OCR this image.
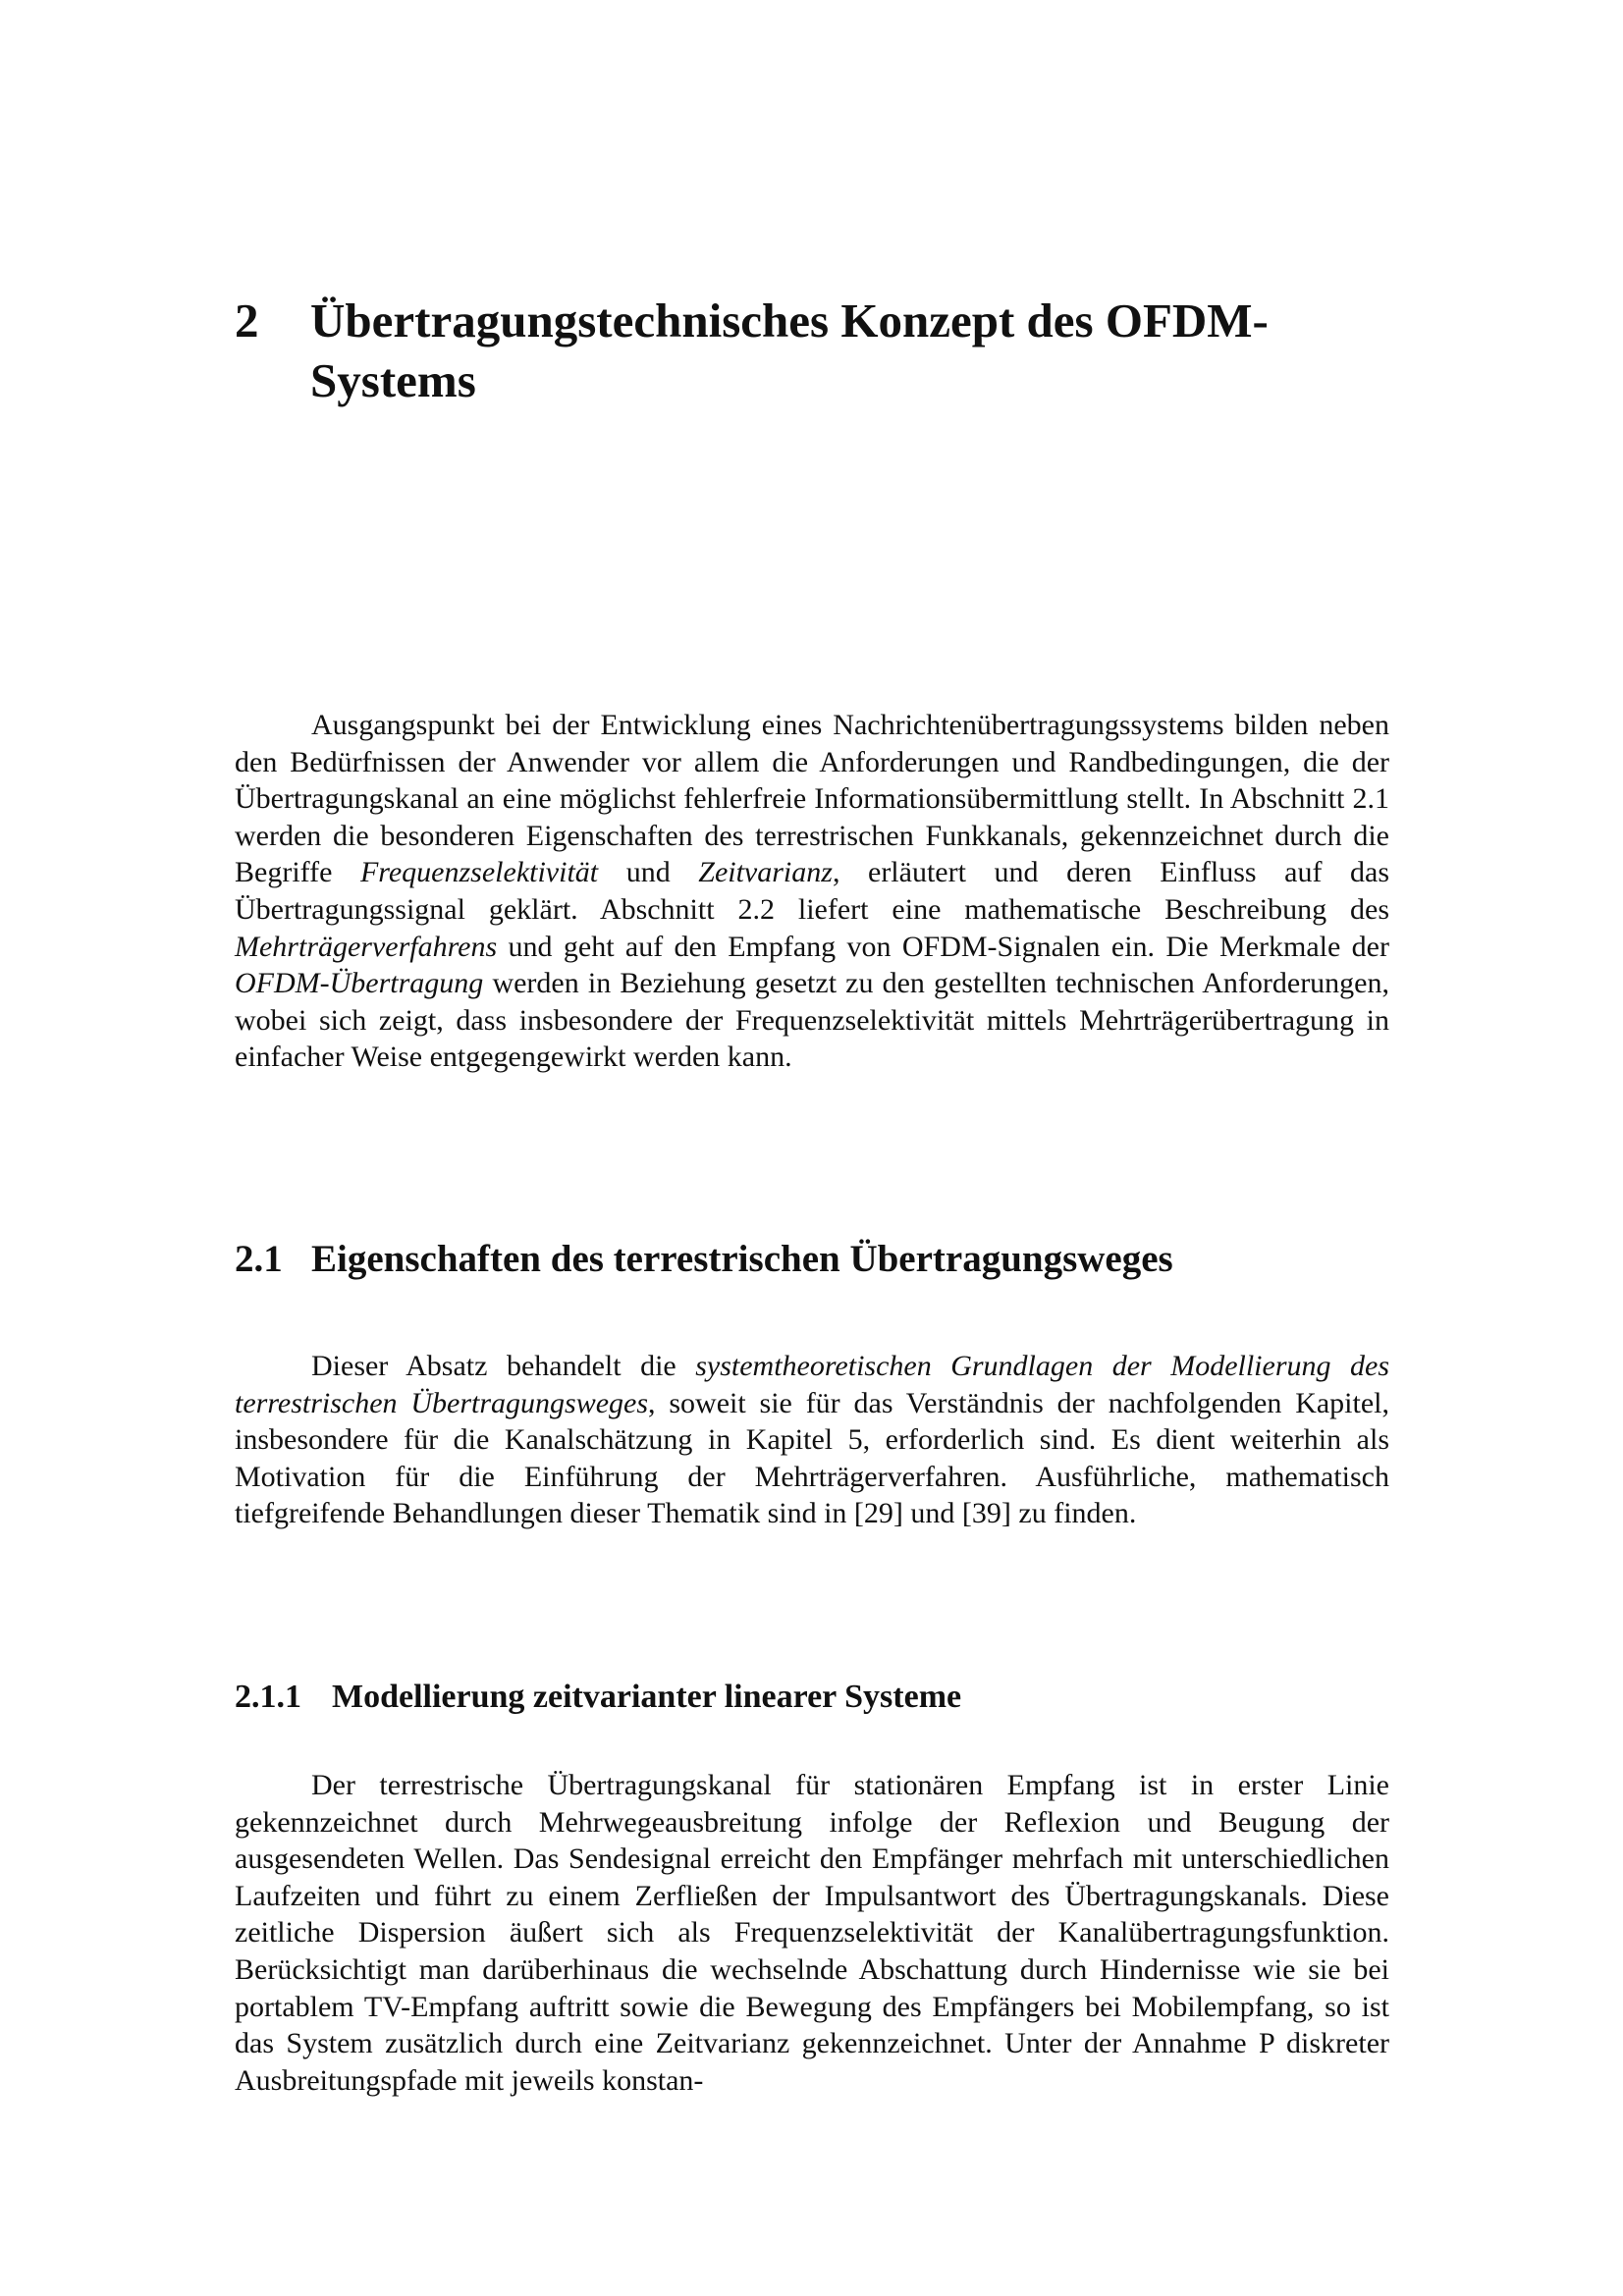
2	Übertragungstechnisches Konzept des OFDM-Systems

Ausgangspunkt bei der Entwicklung eines Nachrichtenübertragungssystems bilden neben den Bedürfnissen der Anwender vor allem die Anforderungen und Randbedingungen, die der Übertragungskanal an eine möglichst fehlerfreie Informationsübermittlung stellt. In Abschnitt 2.1 werden die besonderen Eigenschaften des terrestrischen Funkkanals, gekennzeichnet durch die Begriffe Frequenzselektivität und Zeitvarianz, erläutert und deren Einfluss auf das Übertragungssignal geklärt. Abschnitt 2.2 liefert eine mathematische Beschreibung des Mehrträgerverfahrens und geht auf den Empfang von OFDM-Signalen ein. Die Merkmale der OFDM-Übertragung werden in Beziehung gesetzt zu den gestellten technischen Anforderungen, wobei sich zeigt, dass insbesondere der Frequenzselektivität mittels Mehrträgerübertragung in einfacher Weise entgegengewirkt werden kann.

2.1 Eigenschaften des terrestrischen Übertragungsweges

Dieser Absatz behandelt die systemtheoretischen Grundlagen der Modellierung des terrestrischen Übertragungsweges, soweit sie für das Verständnis der nachfolgenden Kapitel, insbesondere für die Kanalschätzung in Kapitel 5, erforderlich sind. Es dient weiterhin als Motivation für die Einführung der Mehrträgerverfahren. Ausführliche, mathematisch tiefgreifende Behandlungen dieser Thematik sind in [29] und [39] zu finden.

2.1.1 Modellierung zeitvarianter linearer Systeme

Der terrestrische Übertragungskanal für stationären Empfang ist in erster Linie gekennzeichnet durch Mehrwegeausbreitung infolge der Reflexion und Beugung der ausgesendeten Wellen. Das Sendesignal erreicht den Empfänger mehrfach mit unterschiedlichen Laufzeiten und führt zu einem Zerfließen der Impulsantwort des Übertragungskanals. Diese zeitliche Dispersion äußert sich als Frequenzselektivität der Kanalübertragungsfunktion. Berücksichtigt man darüberhinaus die wechselnde Abschattung durch Hindernisse wie sie bei portablem TV-Empfang auftritt sowie die Bewegung des Empfängers bei Mobilempfang, so ist das System zusätzlich durch eine Zeitvarianz gekennzeichnet. Unter der Annahme P diskreter Ausbreitungspfade mit jeweils konstan-
